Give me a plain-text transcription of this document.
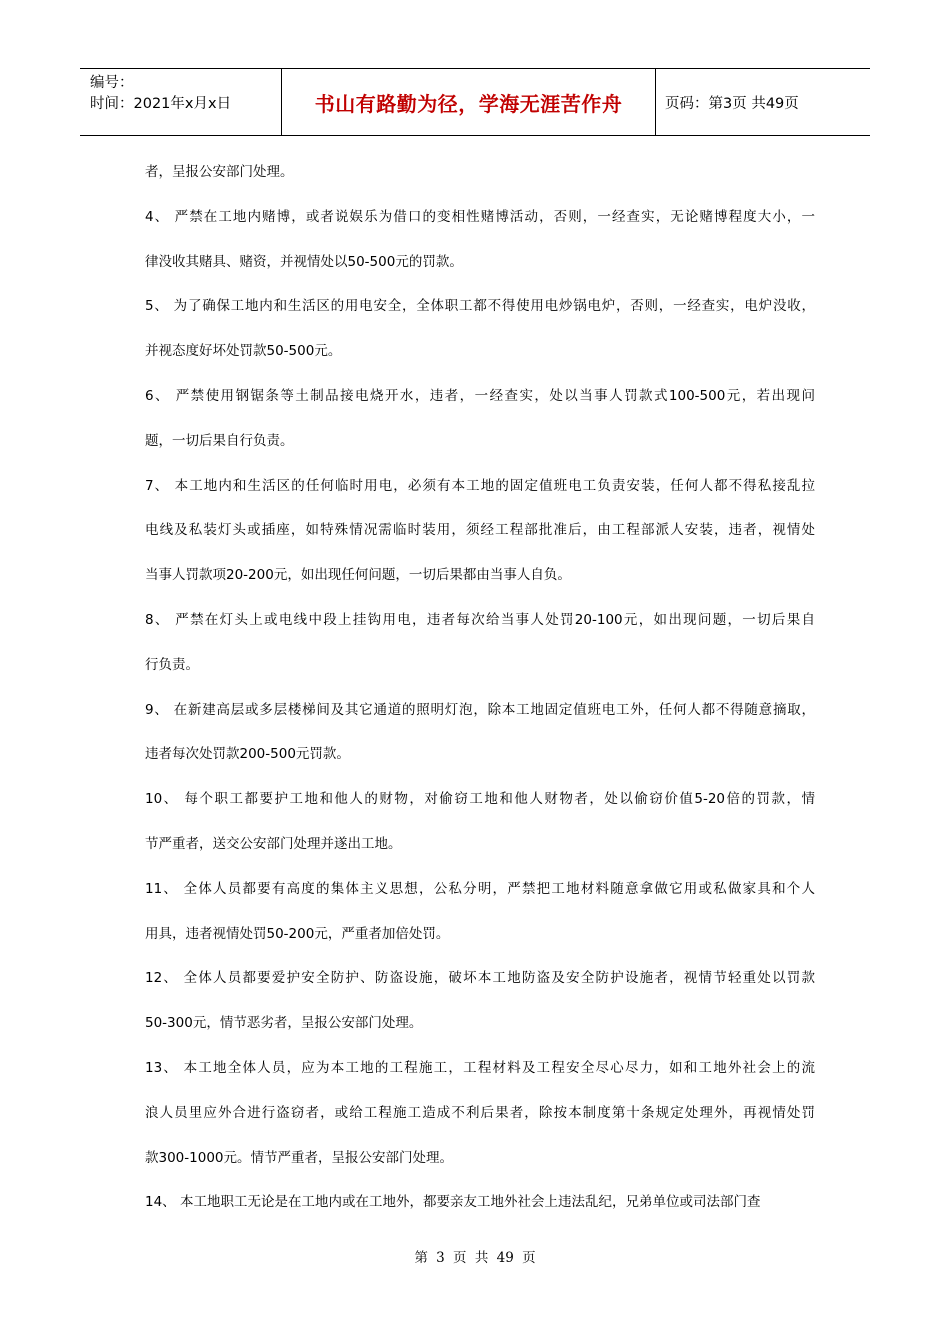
编号：
时间：2021年x月x日	书山有路勤为径，学海无涯苦作舟	页码：第3页 共49页
者，呈报公安部门处理。
4、 严禁在工地内赌博，或者说娱乐为借口的变相性赌博活动，否则，一经查实，无论赌博程度大小，一
律没收其赌具、赌资，并视情处以50-500元的罚款。
5、 为了确保工地内和生活区的用电安全，全体职工都不得使用电炒锅电炉，否则，一经查实，电炉没收，
并视态度好坏处罚款50-500元。
6、 严禁使用钢锯条等土制品接电烧开水，违者，一经查实，处以当事人罚款式100-500元，若出现问
题，一切后果自行负责。
7、 本工地内和生活区的任何临时用电，必须有本工地的固定值班电工负责安装，任何人都不得私接乱拉
电线及私装灯头或插座，如特殊情况需临时装用，须经工程部批准后，由工程部派人安装，违者，视情处
当事人罚款项20-200元，如出现任何问题，一切后果都由当事人自负。
8、 严禁在灯头上或电线中段上挂钩用电，违者每次给当事人处罚20-100元，如出现问题，一切后果自
行负责。
9、 在新建高层或多层楼梯间及其它通道的照明灯泡，除本工地固定值班电工外，任何人都不得随意摘取，
违者每次处罚款200-500元罚款。
10、 每个职工都要护工地和他人的财物，对偷窃工地和他人财物者，处以偷窃价值5-20倍的罚款，情
节严重者，送交公安部门处理并遂出工地。
11、 全体人员都要有高度的集体主义思想，公私分明，严禁把工地材料随意拿做它用或私做家具和个人
用具，违者视情处罚50-200元，严重者加倍处罚。
12、 全体人员都要爱护安全防护、防盗设施，破坏本工地防盗及安全防护设施者，视情节轻重处以罚款
50-300元，情节恶劣者，呈报公安部门处理。
13、 本工地全体人员，应为本工地的工程施工，工程材料及工程安全尽心尽力，如和工地外社会上的流
浪人员里应外合进行盗窃者，或给工程施工造成不利后果者，除按本制度第十条规定处理外，再视情处罚
款300-1000元。情节严重者，呈报公安部门处理。
14、 本工地职工无论是在工地内或在工地外，都要亲友工地外社会上违法乱纪，兄弟单位或司法部门查
第 3 页 共 49 页
